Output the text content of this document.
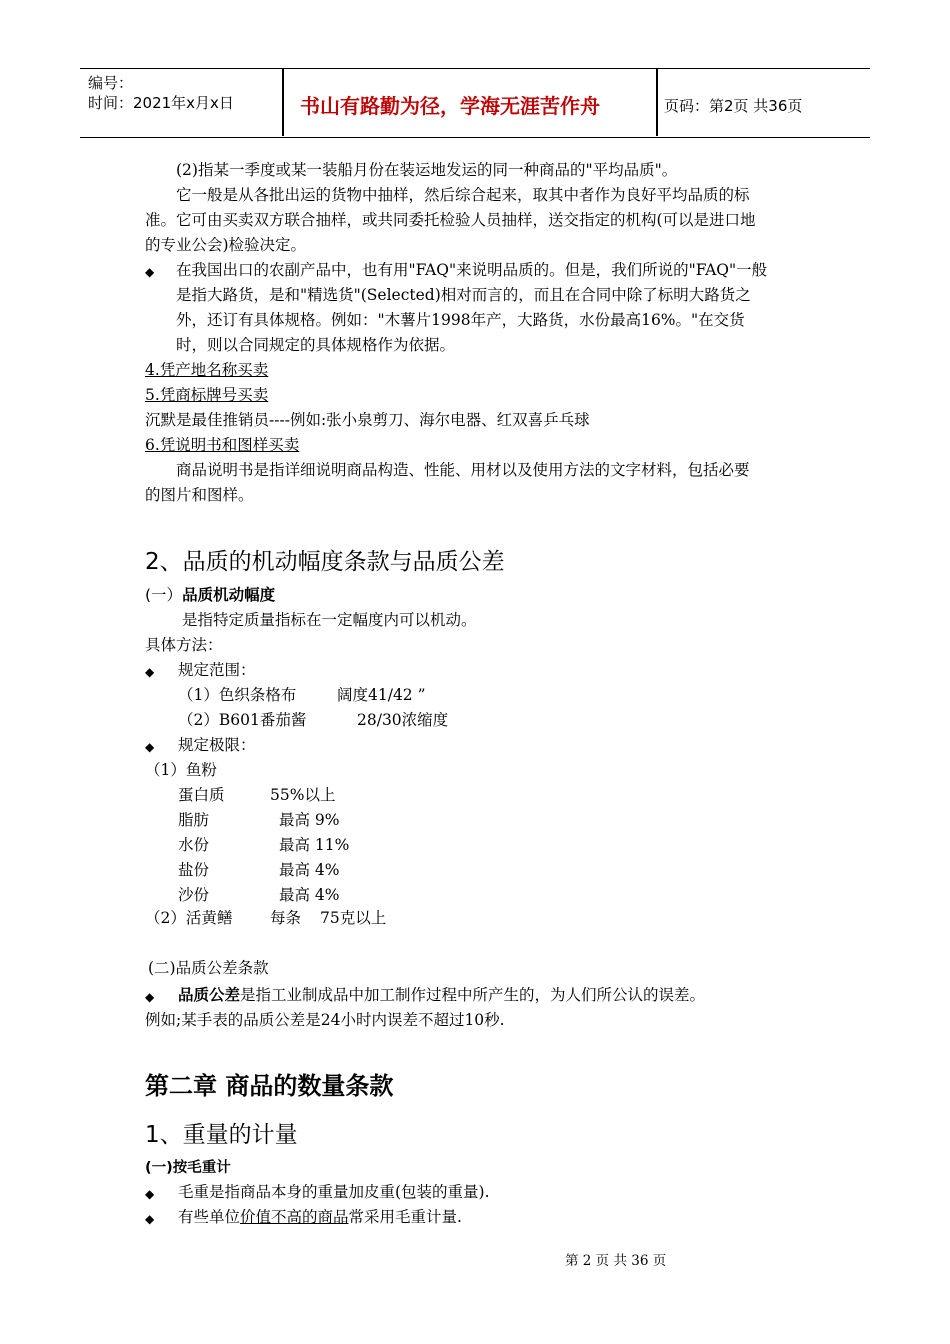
编号：
时间：2021年x月x日	书山有路勤为径，学海无涯苦作舟	页码：第2页 共36页
(2)指某一季度或某一装船月份在装运地发运的同一种商品的"平均品质"。
它一般是从各批出运的货物中抽样，然后综合起来，取其中者作为良好平均品质的标
准。它可由买卖双方联合抽样，或共同委托检验人员抽样，送交指定的机构(可以是进口地
的专业公会)检验决定。
◆ 在我国出口的农副产品中，也有用"FAQ"来说明品质的。但是，我们所说的"FAQ"一般
是指大路货，是和"精选货"(Selected)相对而言的，而且在合同中除了标明大路货之
外，还订有具体规格。例如："木薯片1998年产，大路货，水份最高16%。"在交货
时，则以合同规定的具体规格作为依据。
4.凭产地名称买卖
5.凭商标牌号买卖
沉默是最佳推销员----例如:张小泉剪刀、海尔电器、红双喜乒乓球
6.凭说明书和图样买卖
商品说明书是指详细说明商品构造、性能、用材以及使用方法的文字材料，包括必要
的图片和图样。
2、品质的机动幅度条款与品质公差
(一）品质机动幅度
是指特定质量指标在一定幅度内可以机动。
具体方法：
◆ 规定范围：
（1）色织条格布	阔度41/42 ”
（2）B601番茄酱	28/30浓缩度
◆ 规定极限：
（1）鱼粉
蛋白质	55%以上
脂肪	最高 9%
水份	最高 11%
盐份	最高 4%
沙份	最高 4%
（2）活黄鳝 每条 75克以上
(二)品质公差条款
◆ 品质公差是指工业制成品中加工制作过程中所产生的，为人们所公认的误差。
例如;某手表的品质公差是24小时内误差不超过10秒.
第二章 商品的数量条款
1、重量的计量
(一)按毛重计
◆ 毛重是指商品本身的重量加皮重(包装的重量).
◆ 有些单位价值不高的商品常采用毛重计量.
第 2 页 共 36 页
